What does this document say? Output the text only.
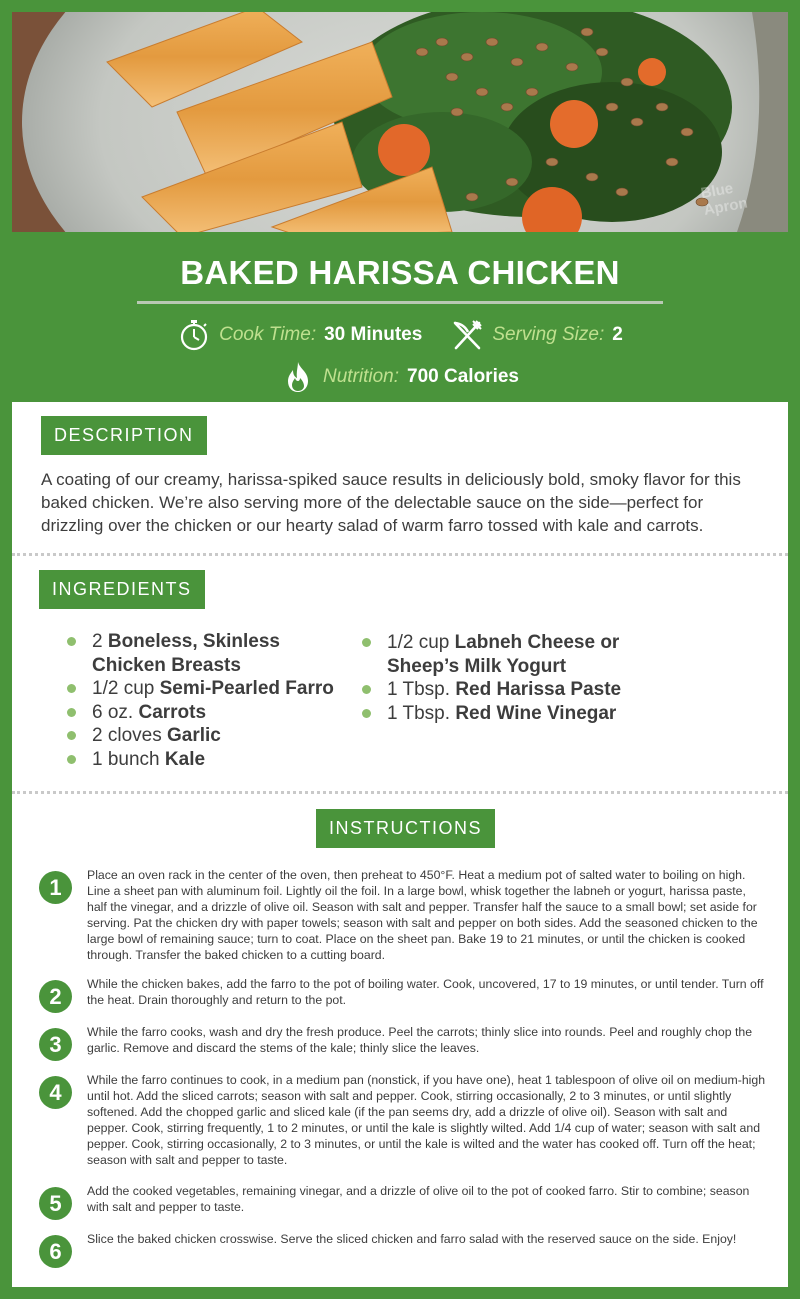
Blue Apron
BAKED HARISSA CHICKEN
Cook Time: 30 Minutes	Serving Size: 2
Nutrition: 700 Calories
DESCRIPTION

A coating of our creamy, harissa-spiked sauce results in deliciously bold, smoky flavor for this baked chicken. We’re also serving more of the delectable sauce on the side—perfect for drizzling over the chicken or our hearty salad of warm farro tossed with kale and carrots.

INGREDIENTS
2 Boneless, Skinless Chicken Breasts
1/2 cup Semi-Pearled Farro
6 oz. Carrots
2 cloves Garlic
1 bunch Kale
1/2 cup Labneh Cheese or Sheep’s Milk Yogurt
1 Tbsp. Red Harissa Paste
1 Tbsp. Red Wine Vinegar
INSTRUCTIONS
1	Place an oven rack in the center of the oven, then preheat to 450°F. Heat a medium pot of salted water to boiling on high. Line a sheet pan with aluminum foil. Lightly oil the foil. In a large bowl, whisk together the labneh or yogurt, harissa paste, half the vinegar, and a drizzle of olive oil. Season with salt and pepper. Transfer half the sauce to a small bowl; set aside for serving. Pat the chicken dry with paper towels; season with salt and pepper on both sides. Add the seasoned chicken to the large bowl of remaining sauce; turn to coat. Place on the sheet pan. Bake 19 to 21 minutes, or until the chicken is cooked through. Transfer the baked chicken to a cutting board.

2	While the chicken bakes, add the farro to the pot of boiling water. Cook, uncovered, 17 to 19 minutes, or until tender. Turn off the heat. Drain thoroughly and return to the pot.

3	While the farro cooks, wash and dry the fresh produce. Peel the carrots; thinly slice into rounds. Peel and roughly chop the garlic. Remove and discard the stems of the kale; thinly slice the leaves.

4	While the farro continues to cook, in a medium pan (nonstick, if you have one), heat 1 tablespoon of olive oil on medium-high until hot. Add the sliced carrots; season with salt and pepper. Cook, stirring occasionally, 2 to 3 minutes, or until slightly softened. Add the chopped garlic and sliced kale (if the pan seems dry, add a drizzle of olive oil). Season with salt and pepper. Cook, stirring frequently, 1 to 2 minutes, or until the kale is slightly wilted. Add 1/4 cup of water; season with salt and pepper. Cook, stirring occasionally, 2 to 3 minutes, or until the kale is wilted and the water has cooked off. Turn off the heat; season with salt and pepper to taste.

5	Add the cooked vegetables, remaining vinegar, and a drizzle of olive oil to the pot of cooked farro. Stir to combine; season with salt and pepper to taste.

6	Slice the baked chicken crosswise. Serve the sliced chicken and farro salad with the reserved sauce on the side. Enjoy!
